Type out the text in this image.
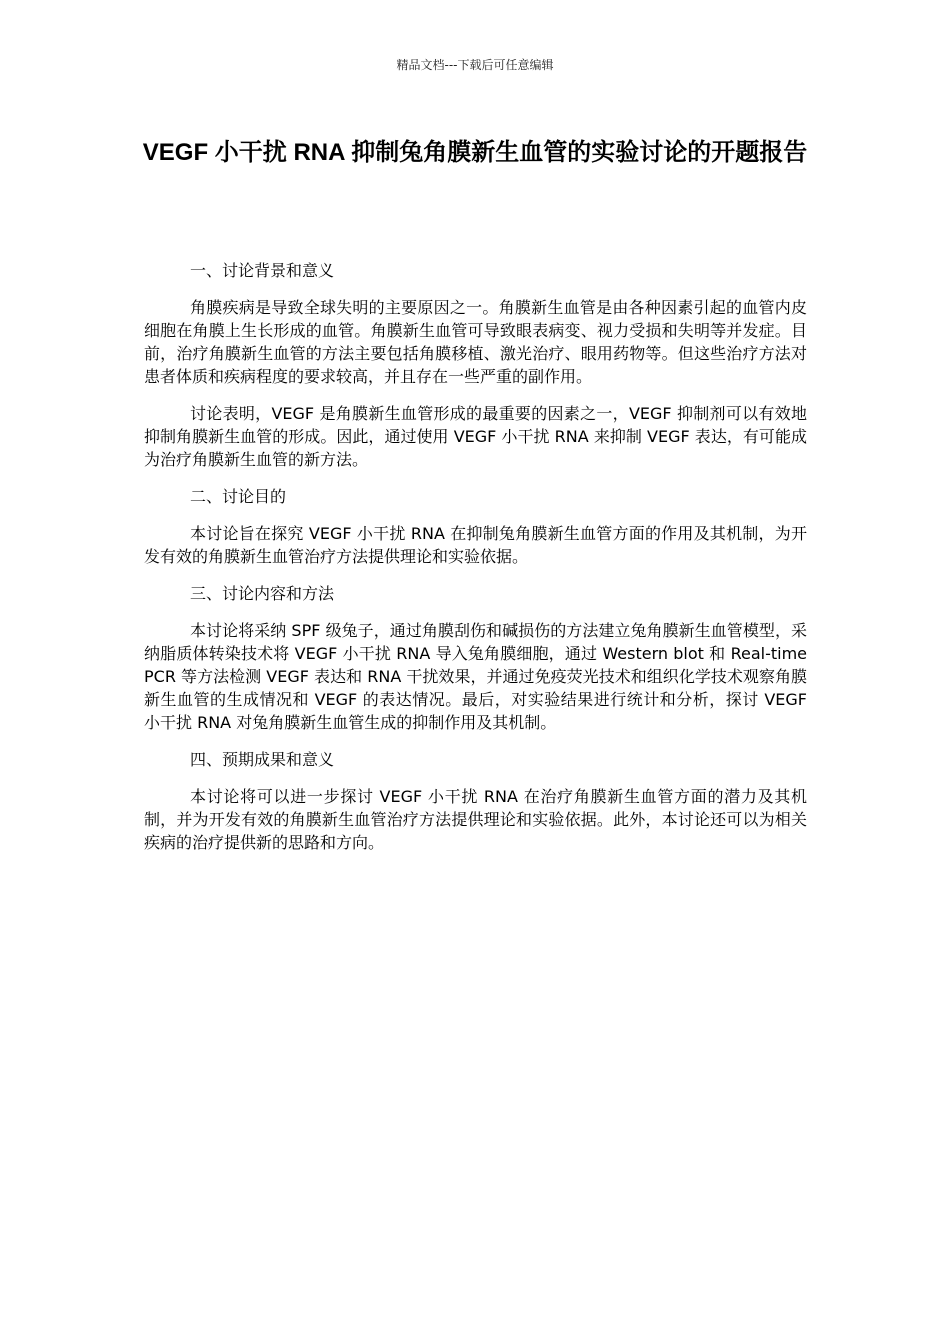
精品文档---下载后可任意编辑
VEGF 小干扰 RNA 抑制兔角膜新生血管的实验讨论的开题报告
一、讨论背景和意义

角膜疾病是导致全球失明的主要原因之一。角膜新生血管是由各种因素引起的血管内皮细胞在角膜上生长形成的血管。角膜新生血管可导致眼表病变、视力受损和失明等并发症。目前，治疗角膜新生血管的方法主要包括角膜移植、激光治疗、眼用药物等。但这些治疗方法对患者体质和疾病程度的要求较高，并且存在一些严重的副作用。

讨论表明，VEGF 是角膜新生血管形成的最重要的因素之一，VEGF 抑制剂可以有效地抑制角膜新生血管的形成。因此，通过使用 VEGF 小干扰 RNA 来抑制 VEGF 表达，有可能成为治疗角膜新生血管的新方法。

二、讨论目的

本讨论旨在探究 VEGF 小干扰 RNA 在抑制兔角膜新生血管方面的作用及其机制，为开发有效的角膜新生血管治疗方法提供理论和实验依据。

三、讨论内容和方法

本讨论将采纳 SPF 级兔子，通过角膜刮伤和碱损伤的方法建立兔角膜新生血管模型，采纳脂质体转染技术将 VEGF 小干扰 RNA 导入兔角膜细胞，通过 Western blot 和 Real-time PCR 等方法检测 VEGF 表达和 RNA 干扰效果，并通过免疫荧光技术和组织化学技术观察角膜新生血管的生成情况和 VEGF 的表达情况。最后，对实验结果进行统计和分析，探讨 VEGF 小干扰 RNA 对兔角膜新生血管生成的抑制作用及其机制。

四、预期成果和意义

本讨论将可以进一步探讨 VEGF 小干扰 RNA 在治疗角膜新生血管方面的潜力及其机制，并为开发有效的角膜新生血管治疗方法提供理论和实验依据。此外，本讨论还可以为相关疾病的治疗提供新的思路和方向。
